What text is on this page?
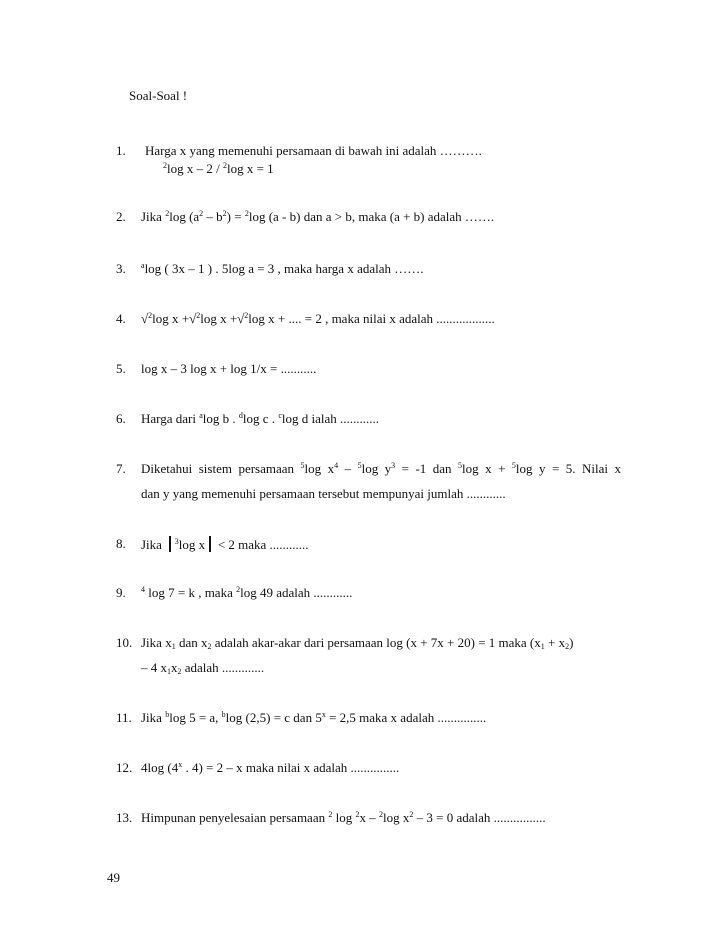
Soal-Soal !
1. Harga x yang memenuhi persamaan di bawah ini adalah ……….
$^2$log x – 2 / $^2$log x = 1
2. Jika $^2$log $(a^2 - b^2) = ^2\log$ (a - b) dan a > b, maka (a + b) adalah …….
3. $^a$log ( 3x – 1 ) . 5log a = 3 , maka harga x adalah …….
4. √$^2$log x +√$^2$log x +√$^2$log x + .... = 2 , maka nilai x adalah ..................
5. log x – 3 log x + log 1/x = ...........
6. Harga dari $^a$log b . $^d$log c . $^c$log d ialah ............
7. Diketahui sistem persamaan $^5$log $x^4 - ^5\log$ $y^3 = -1$ dan $^5$log x + $^5$log y = 5. Nilai x
dan y yang memenuhi persamaan tersebut mempunyai jumlah ............
8. Jika $^3$log x < 2 maka ............
9. $^4$ log 7 = k , maka $^2$log 49 adalah ............
10. Jika $x_1$ dan $x_2$ adalah akar-akar dari persamaan log (x + 7x + 20) = 1 maka $(x_1 + x_2)$
– 4 $x_1x_2$ adalah .............
11. Jika $^b$log 5 = a, $^b$log (2,5) = c dan $5^x = 2,5$ maka x adalah ...............
12. 4log (4$^x$ . 4) = 2 – x maka nilai x adalah ...............
13. Himpunan penyelesaian persamaan $^2$ log $^2$x – $^2$log $x^2 - 3 = 0$ adalah ................
49
